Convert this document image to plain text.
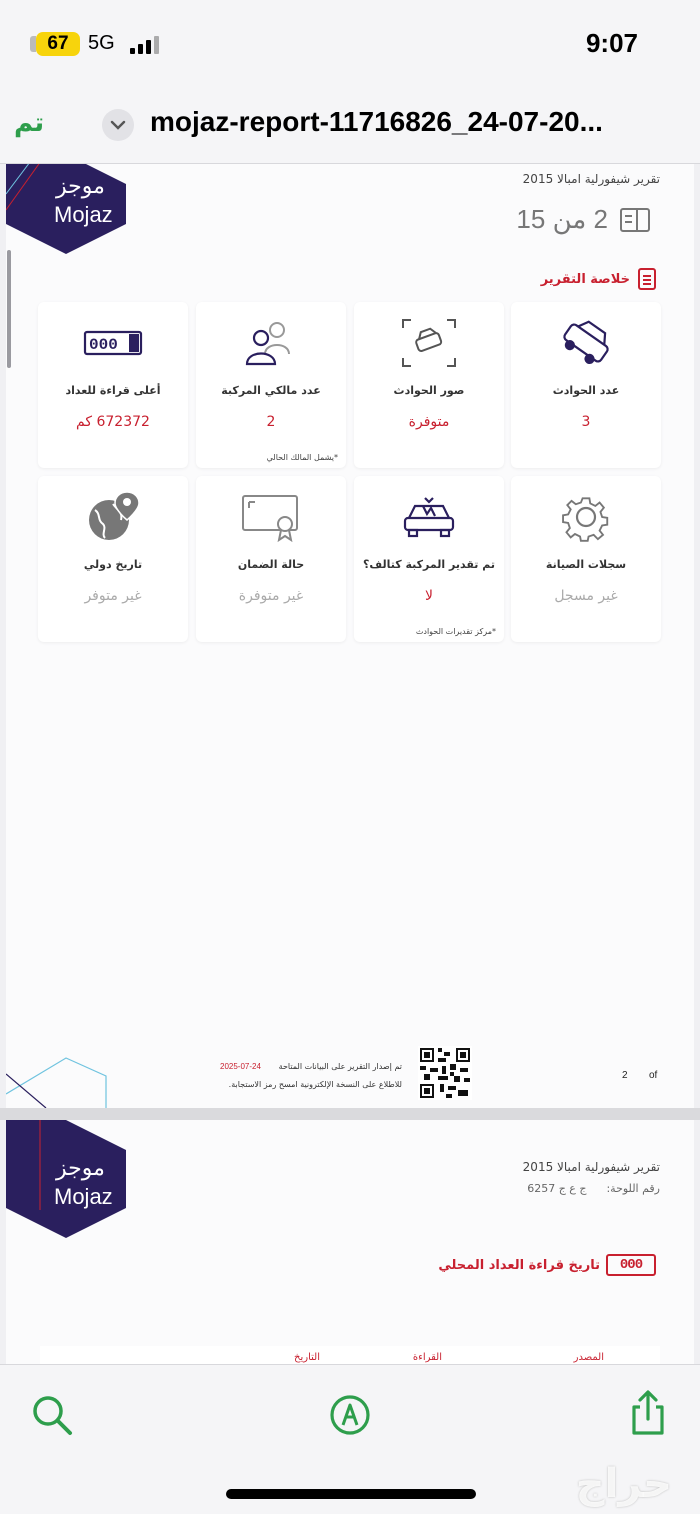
67 5G	9:07
تم	mojaz-report-11716826_24-07-20...
موجز
Mojaz
تقرير شيفورلية امبالا 2015
2 من 15
خلاصة التقرير
عدد الحوادث
3
صور الحوادث
متوفرة
عدد مالكي المركبة
2
*يشمل المالك الحالي
000
أعلى قراءة للعداد
672372 كم
سجلات الصيانة
غير مسجل
تم تقدير المركبة كتالف؟
لا
*مركز تقديرات الحوادث
حالة الضمان
غير متوفرة
تاريخ دولي
غير متوفر
تم إصدار التقرير على البيانات المتاحة
2025-07-24
للاطلاع على النسخة الإلكترونية امسح رمز الاستجابة.
2 of
موجز
Mojaz
تقرير شيفورلية امبالا 2015
رقم اللوحة:
ج ع ج 6257
000
تاريخ قراءة العداد المحلي
المصدر
القراءة
التاريخ
حراج
